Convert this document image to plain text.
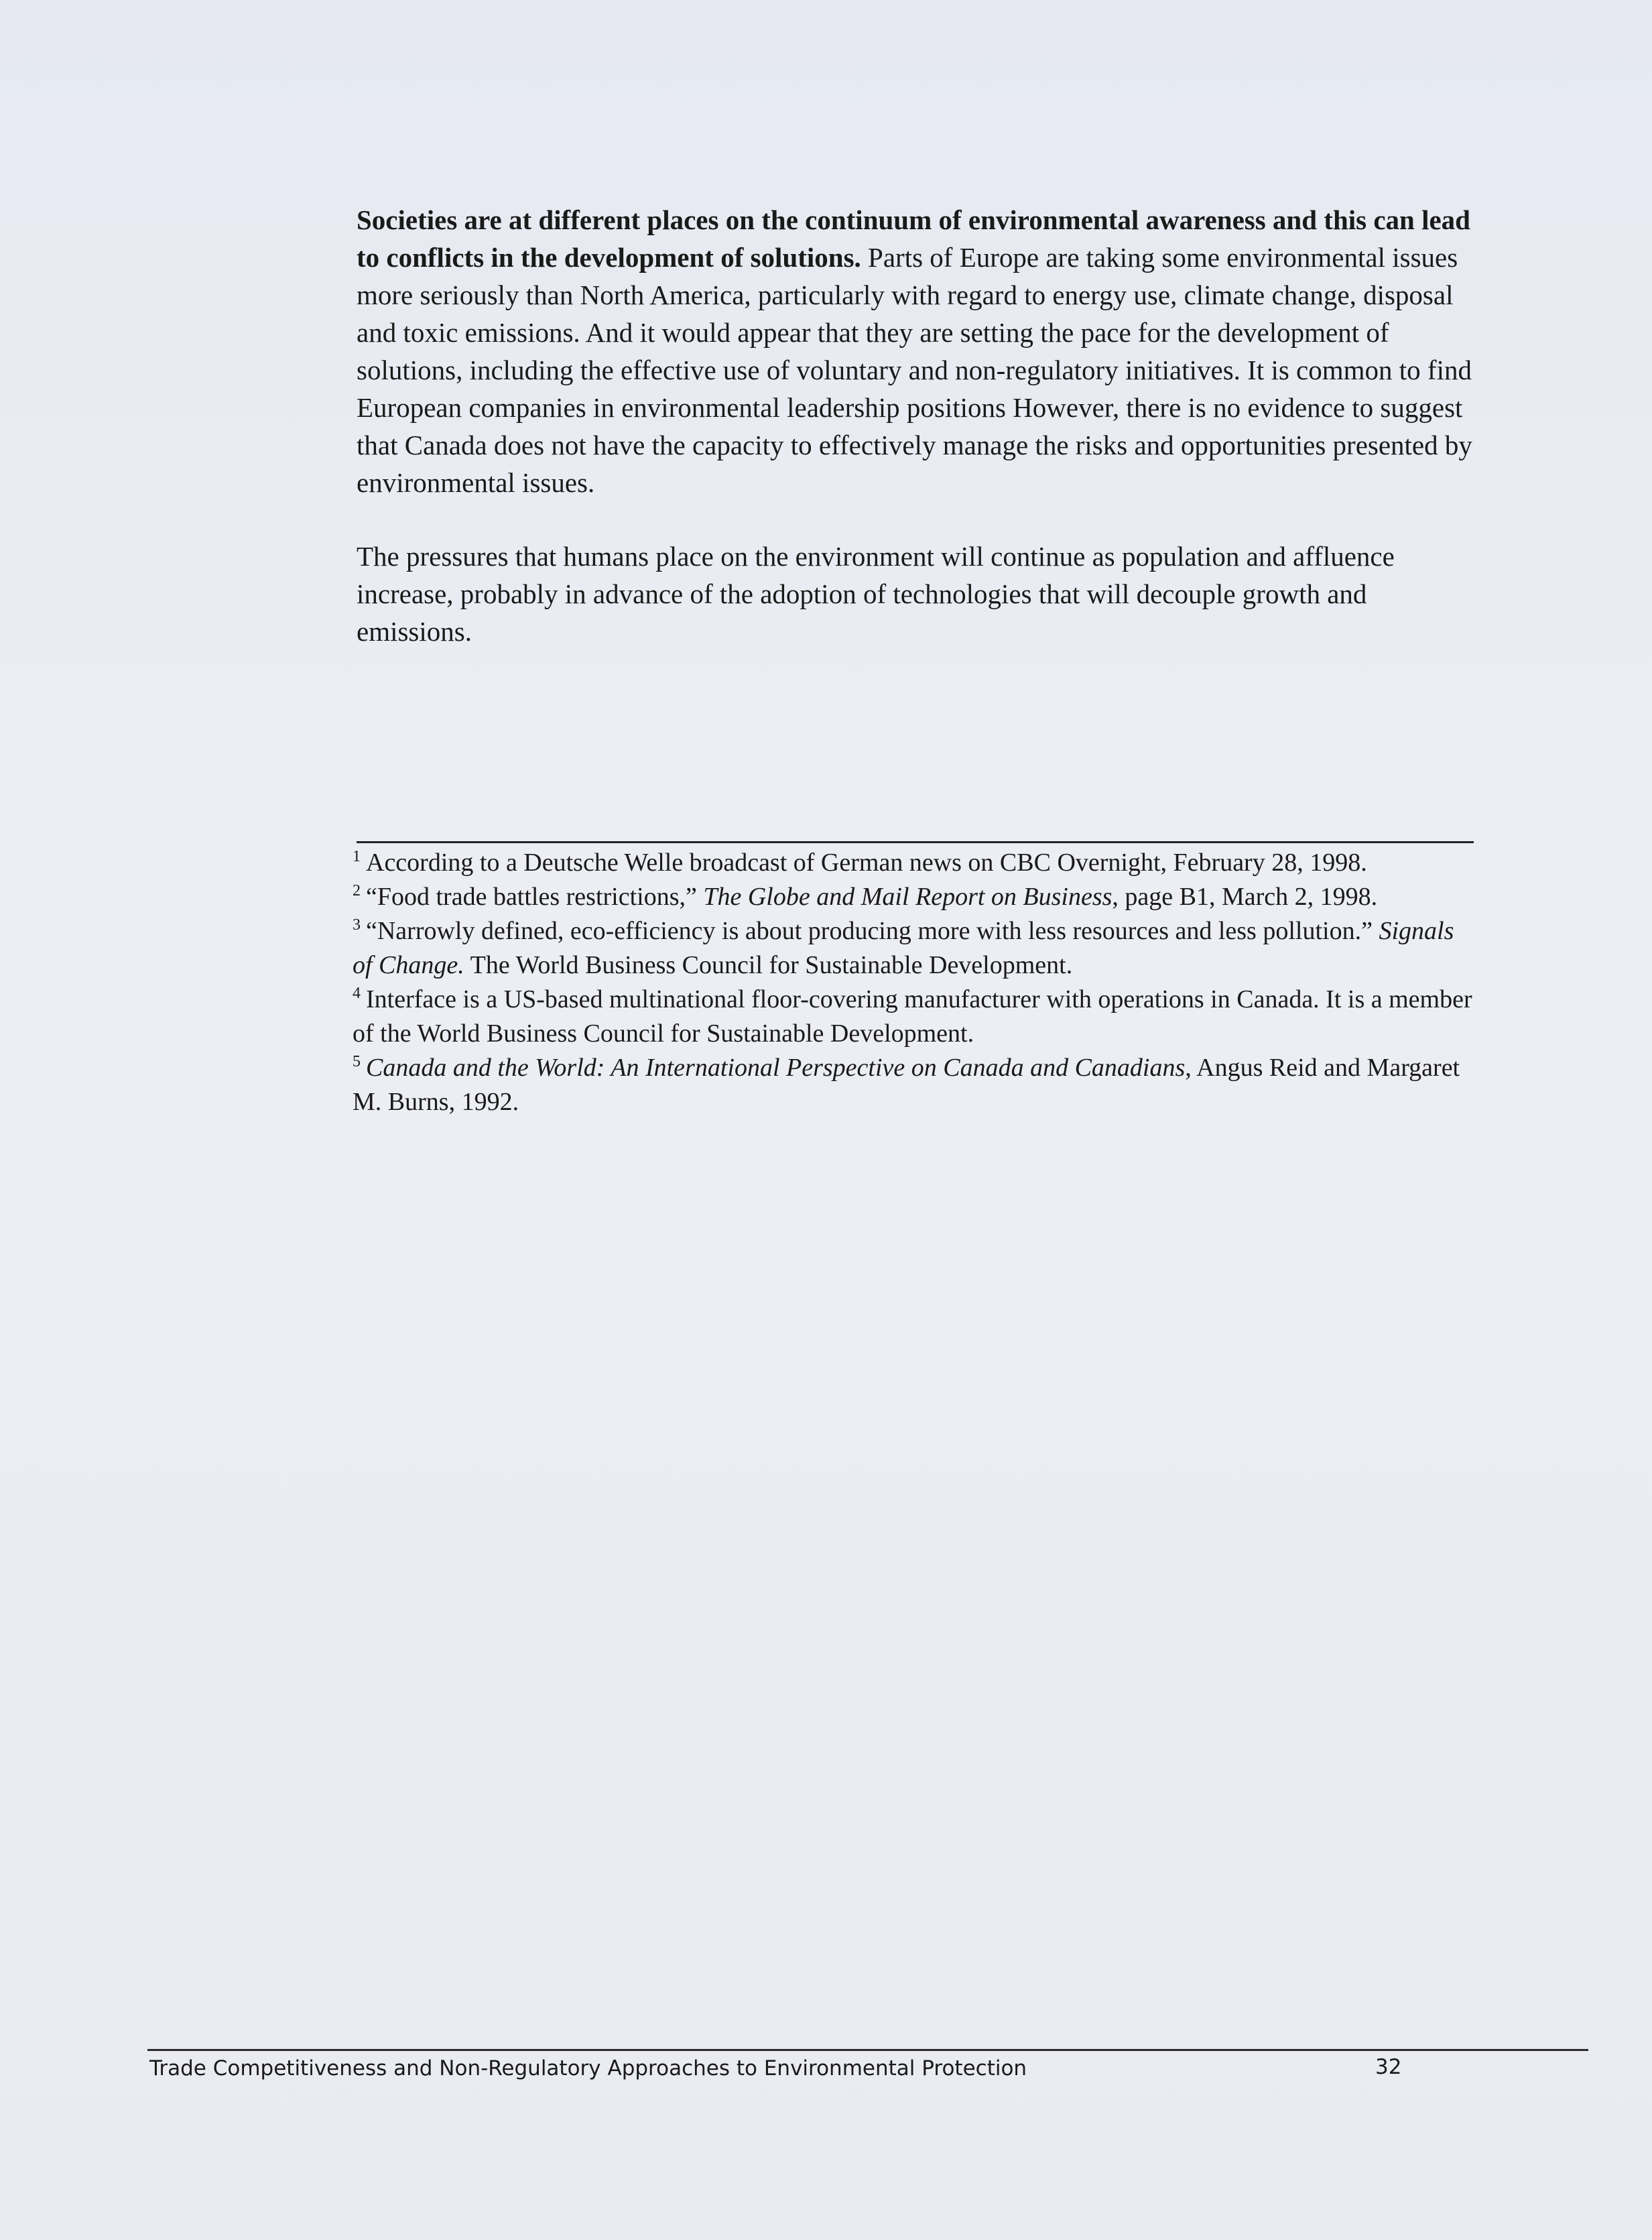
Societies are at different places on the continuum of environmental awareness and this can lead to conflicts in the development of solutions. Parts of Europe are taking some environmental issues more seriously than North America, particularly with regard to energy use, climate change, disposal and toxic emissions. And it would appear that they are setting the pace for the development of solutions, including the effective use of voluntary and non-regulatory initiatives. It is common to find European companies in environmental leadership positions However, there is no evidence to suggest that Canada does not have the capacity to effectively manage the risks and opportunities presented by environmental issues.

The pressures that humans place on the environment will continue as population and affluence increase, probably in advance of the adoption of technologies that will decouple growth and emissions.

$^1$ According to a Deutsche Welle broadcast of German news on CBC Overnight, February 28, 1998.

$^2$ “Food trade battles restrictions,” The Globe and Mail Report on Business, page B1, March 2, 1998.

$^3$ “Narrowly defined, eco-efficiency is about producing more with less resources and less pollution.” Signals of Change. The World Business Council for Sustainable Development.

$^4$ Interface is a US-based multinational floor-covering manufacturer with operations in Canada. It is a member of the World Business Council for Sustainable Development.

$^5$ Canada and the World: An International Perspective on Canada and Canadians, Angus Reid and Margaret M. Burns, 1992.

Trade Competitiveness and Non-Regulatory Approaches to Environmental Protection	32
